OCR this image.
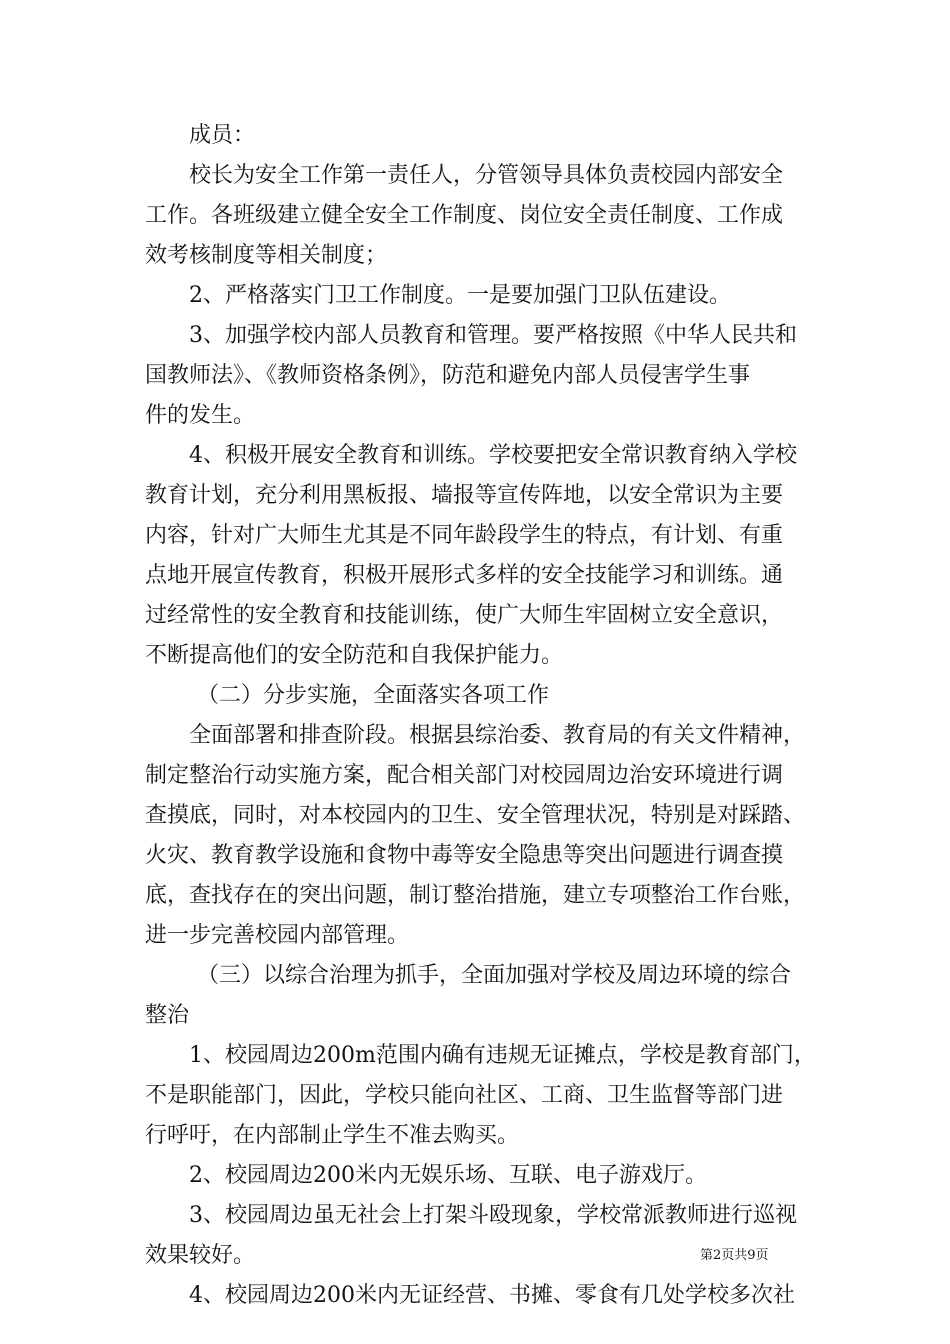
成员：
校长为安全工作第一责任人，分管领导具体负责校园内部安全
工作。各班级建立健全安全工作制度、岗位安全责任制度、工作成
效考核制度等相关制度；
2、严格落实门卫工作制度。一是要加强门卫队伍建设。
3、加强学校内部人员教育和管理。要严格按照《中华人民共和
国教师法》、《教师资格条例》，防范和避免内部人员侵害学生事
件的发生。
4、积极开展安全教育和训练。学校要把安全常识教育纳入学校
教育计划，充分利用黑板报、墙报等宣传阵地，以安全常识为主要
内容，针对广大师生尤其是不同年龄段学生的特点，有计划、有重
点地开展宣传教育，积极开展形式多样的安全技能学习和训练。通
过经常性的安全教育和技能训练，使广大师生牢固树立安全意识，
不断提高他们的安全防范和自我保护能力。
（二）分步实施，全面落实各项工作
全面部署和排查阶段。根据县综治委、教育局的有关文件精神，
制定整治行动实施方案，配合相关部门对校园周边治安环境进行调
查摸底，同时，对本校园内的卫生、安全管理状况，特别是对踩踏、
火灾、教育教学设施和食物中毒等安全隐患等突出问题进行调查摸
底，查找存在的突出问题，制订整治措施，建立专项整治工作台账，
进一步完善校园内部管理。
（三）以综合治理为抓手，全面加强对学校及周边环境的综合
整治
1、校园周边200m范围内确有违规无证摊点，学校是教育部门，
不是职能部门，因此，学校只能向社区、工商、卫生监督等部门进
行呼吁，在内部制止学生不准去购买。
2、校园周边200米内无娱乐场、互联、电子游戏厅。
3、校园周边虽无社会上打架斗殴现象，学校常派教师进行巡视
效果较好。
4、校园周边200米内无证经营、书摊、零食有几处学校多次社
第2页共9页
